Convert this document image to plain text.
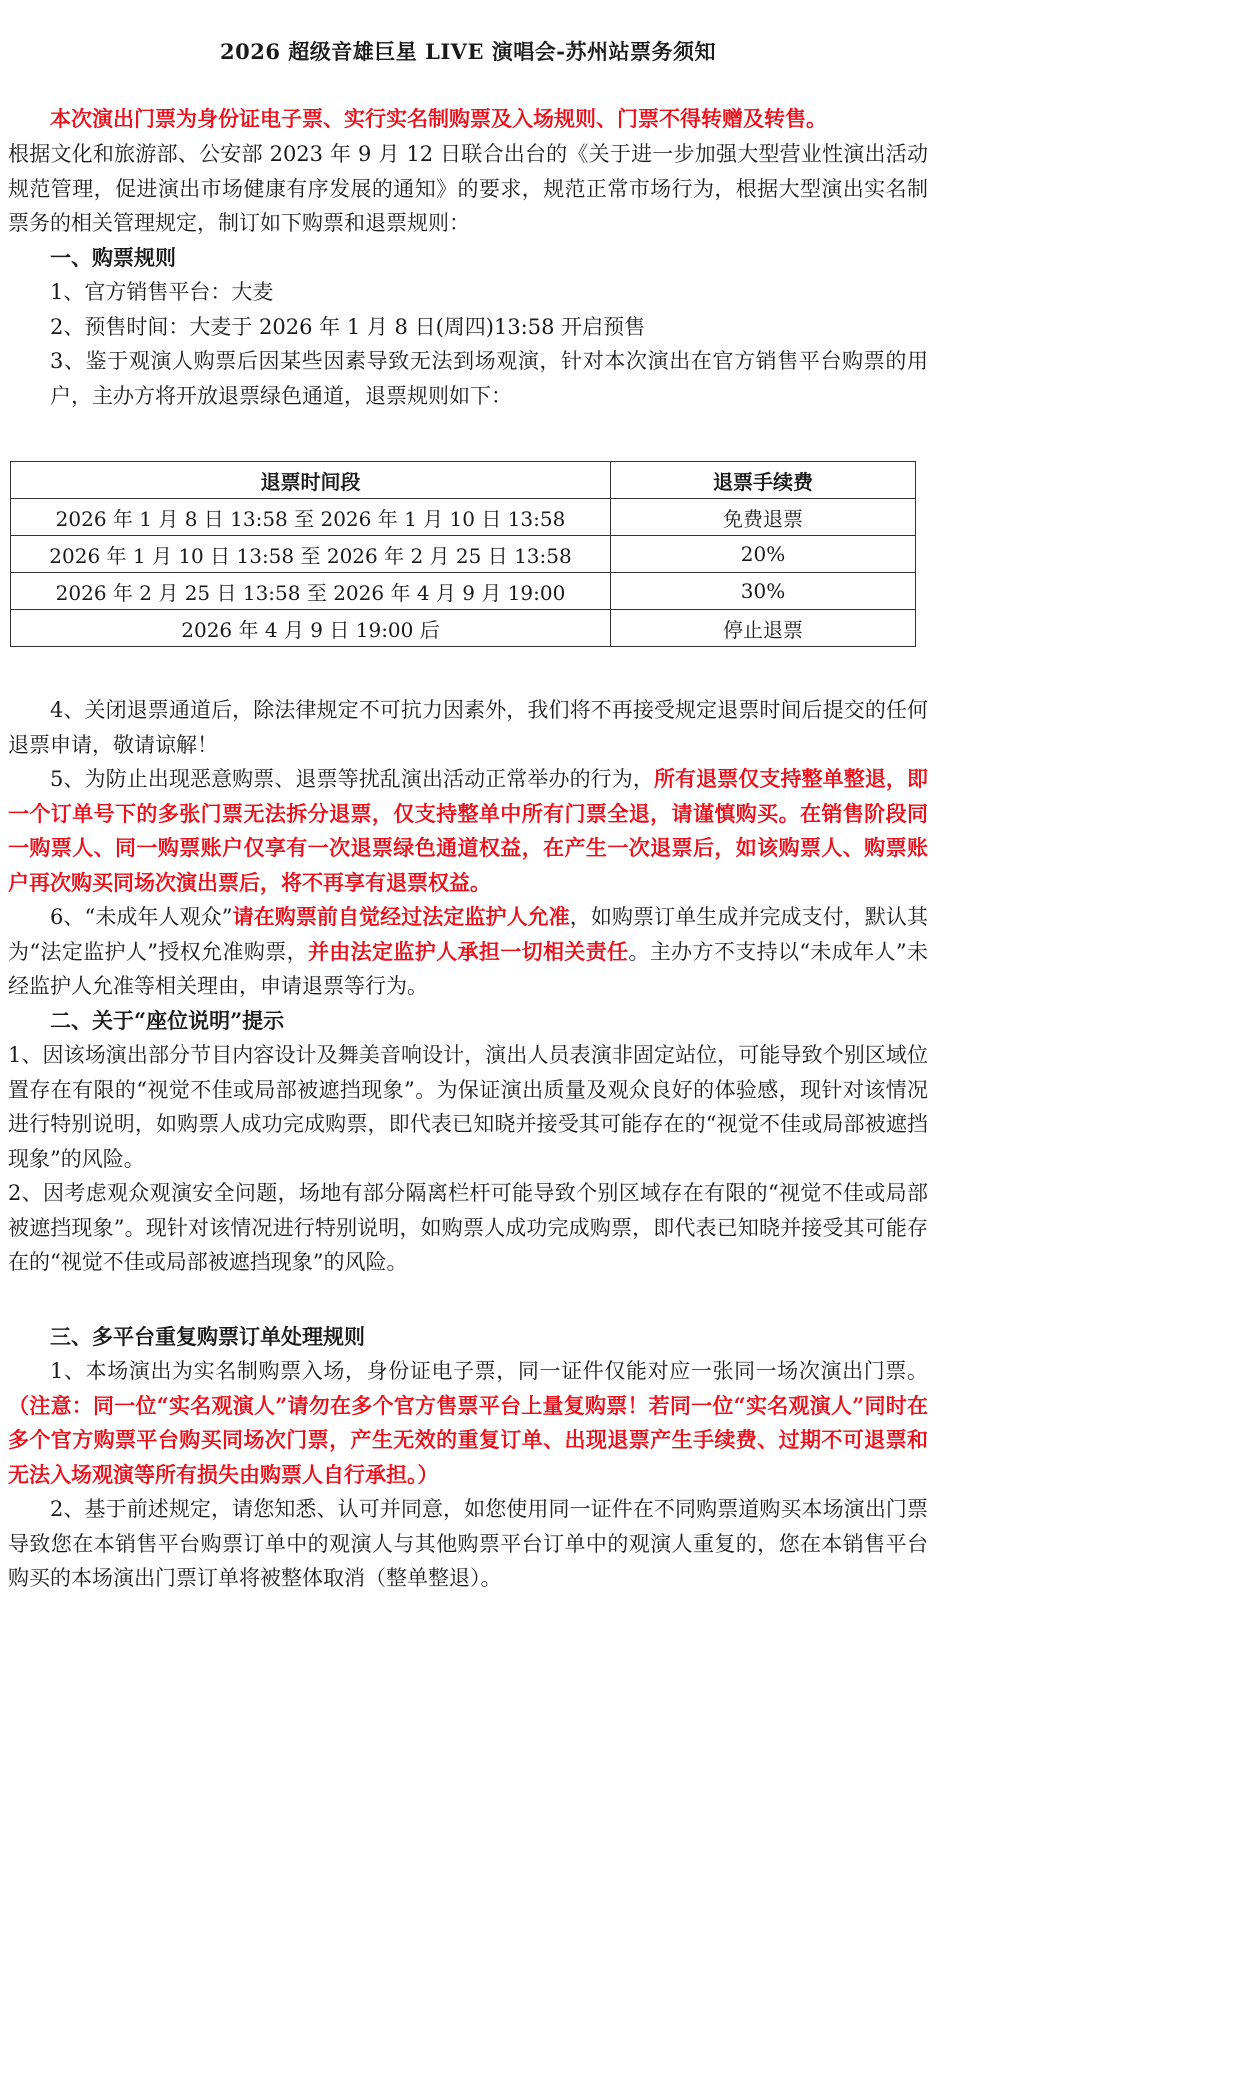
2026 超级音雄巨星 LIVE 演唱会-苏州站票务须知

本次演出门票为身份证电子票、实行实名制购票及入场规则、门票不得转赠及转售。

根据文化和旅游部、公安部 2023 年 9 月 12 日联合出台的《关于进一步加强大型营业性演出活动规范管理，促进演出市场健康有序发展的通知》的要求，规范正常市场行为，根据大型演出实名制票务的相关管理规定，制订如下购票和退票规则：

一、购票规则

1、官方销售平台：大麦

2、预售时间：大麦于 2026 年 1 月 8 日(周四)13:58 开启预售

3、鉴于观演人购票后因某些因素导致无法到场观演，针对本次演出在官方销售平台购票的用户，主办方将开放退票绿色通道，退票规则如下：

退票时间段	退票手续费
2026 年 1 月 8 日 13:58 至 2026 年 1 月 10 日 13:58	免费退票
2026 年 1 月 10 日 13:58 至 2026 年 2 月 25 日 13:58	20%
2026 年 2 月 25 日 13:58 至 2026 年 4 月 9 月 19:00	30%
2026 年 4 月 9 日 19:00 后	停止退票

4、关闭退票通道后，除法律规定不可抗力因素外，我们将不再接受规定退票时间后提交的任何退票申请，敬请谅解！

5、为防止出现恶意购票、退票等扰乱演出活动正常举办的行为，所有退票仅支持整单整退，即一个订单号下的多张门票无法拆分退票，仅支持整单中所有门票全退，请谨慎购买。在销售阶段同一购票人、同一购票账户仅享有一次退票绿色通道权益，在产生一次退票后，如该购票人、购票账户再次购买同场次演出票后，将不再享有退票权益。

6、“未成年人观众”请在购票前自觉经过法定监护人允准，如购票订单生成并完成支付，默认其为“法定监护人”授权允准购票，并由法定监护人承担一切相关责任。主办方不支持以“未成年人”未经监护人允准等相关理由，申请退票等行为。

二、关于“座位说明”提示

1、因该场演出部分节目内容设计及舞美音响设计，演出人员表演非固定站位，可能导致个别区域位置存在有限的“视觉不佳或局部被遮挡现象”。为保证演出质量及观众良好的体验感，现针对该情况进行特别说明，如购票人成功完成购票，即代表已知晓并接受其可能存在的“视觉不佳或局部被遮挡现象”的风险。

2、因考虑观众观演安全问题，场地有部分隔离栏杆可能导致个别区域存在有限的“视觉不佳或局部被遮挡现象”。现针对该情况进行特别说明，如购票人成功完成购票，即代表已知晓并接受其可能存在的“视觉不佳或局部被遮挡现象”的风险。

三、多平台重复购票订单处理规则

1、本场演出为实名制购票入场，身份证电子票，同一证件仅能对应一张同一场次演出门票。（注意：同一位“实名观演人”请勿在多个官方售票平台上量复购票！若同一位“实名观演人”同时在多个官方购票平台购买同场次门票，产生无效的重复订单、出现退票产生手续费、过期不可退票和无法入场观演等所有损失由购票人自行承担。）

2、基于前述规定，请您知悉、认可并同意，如您使用同一证件在不同购票道购买本场演出门票导致您在本销售平台购票订单中的观演人与其他购票平台订单中的观演人重复的，您在本销售平台购买的本场演出门票订单将被整体取消（整单整退）。
